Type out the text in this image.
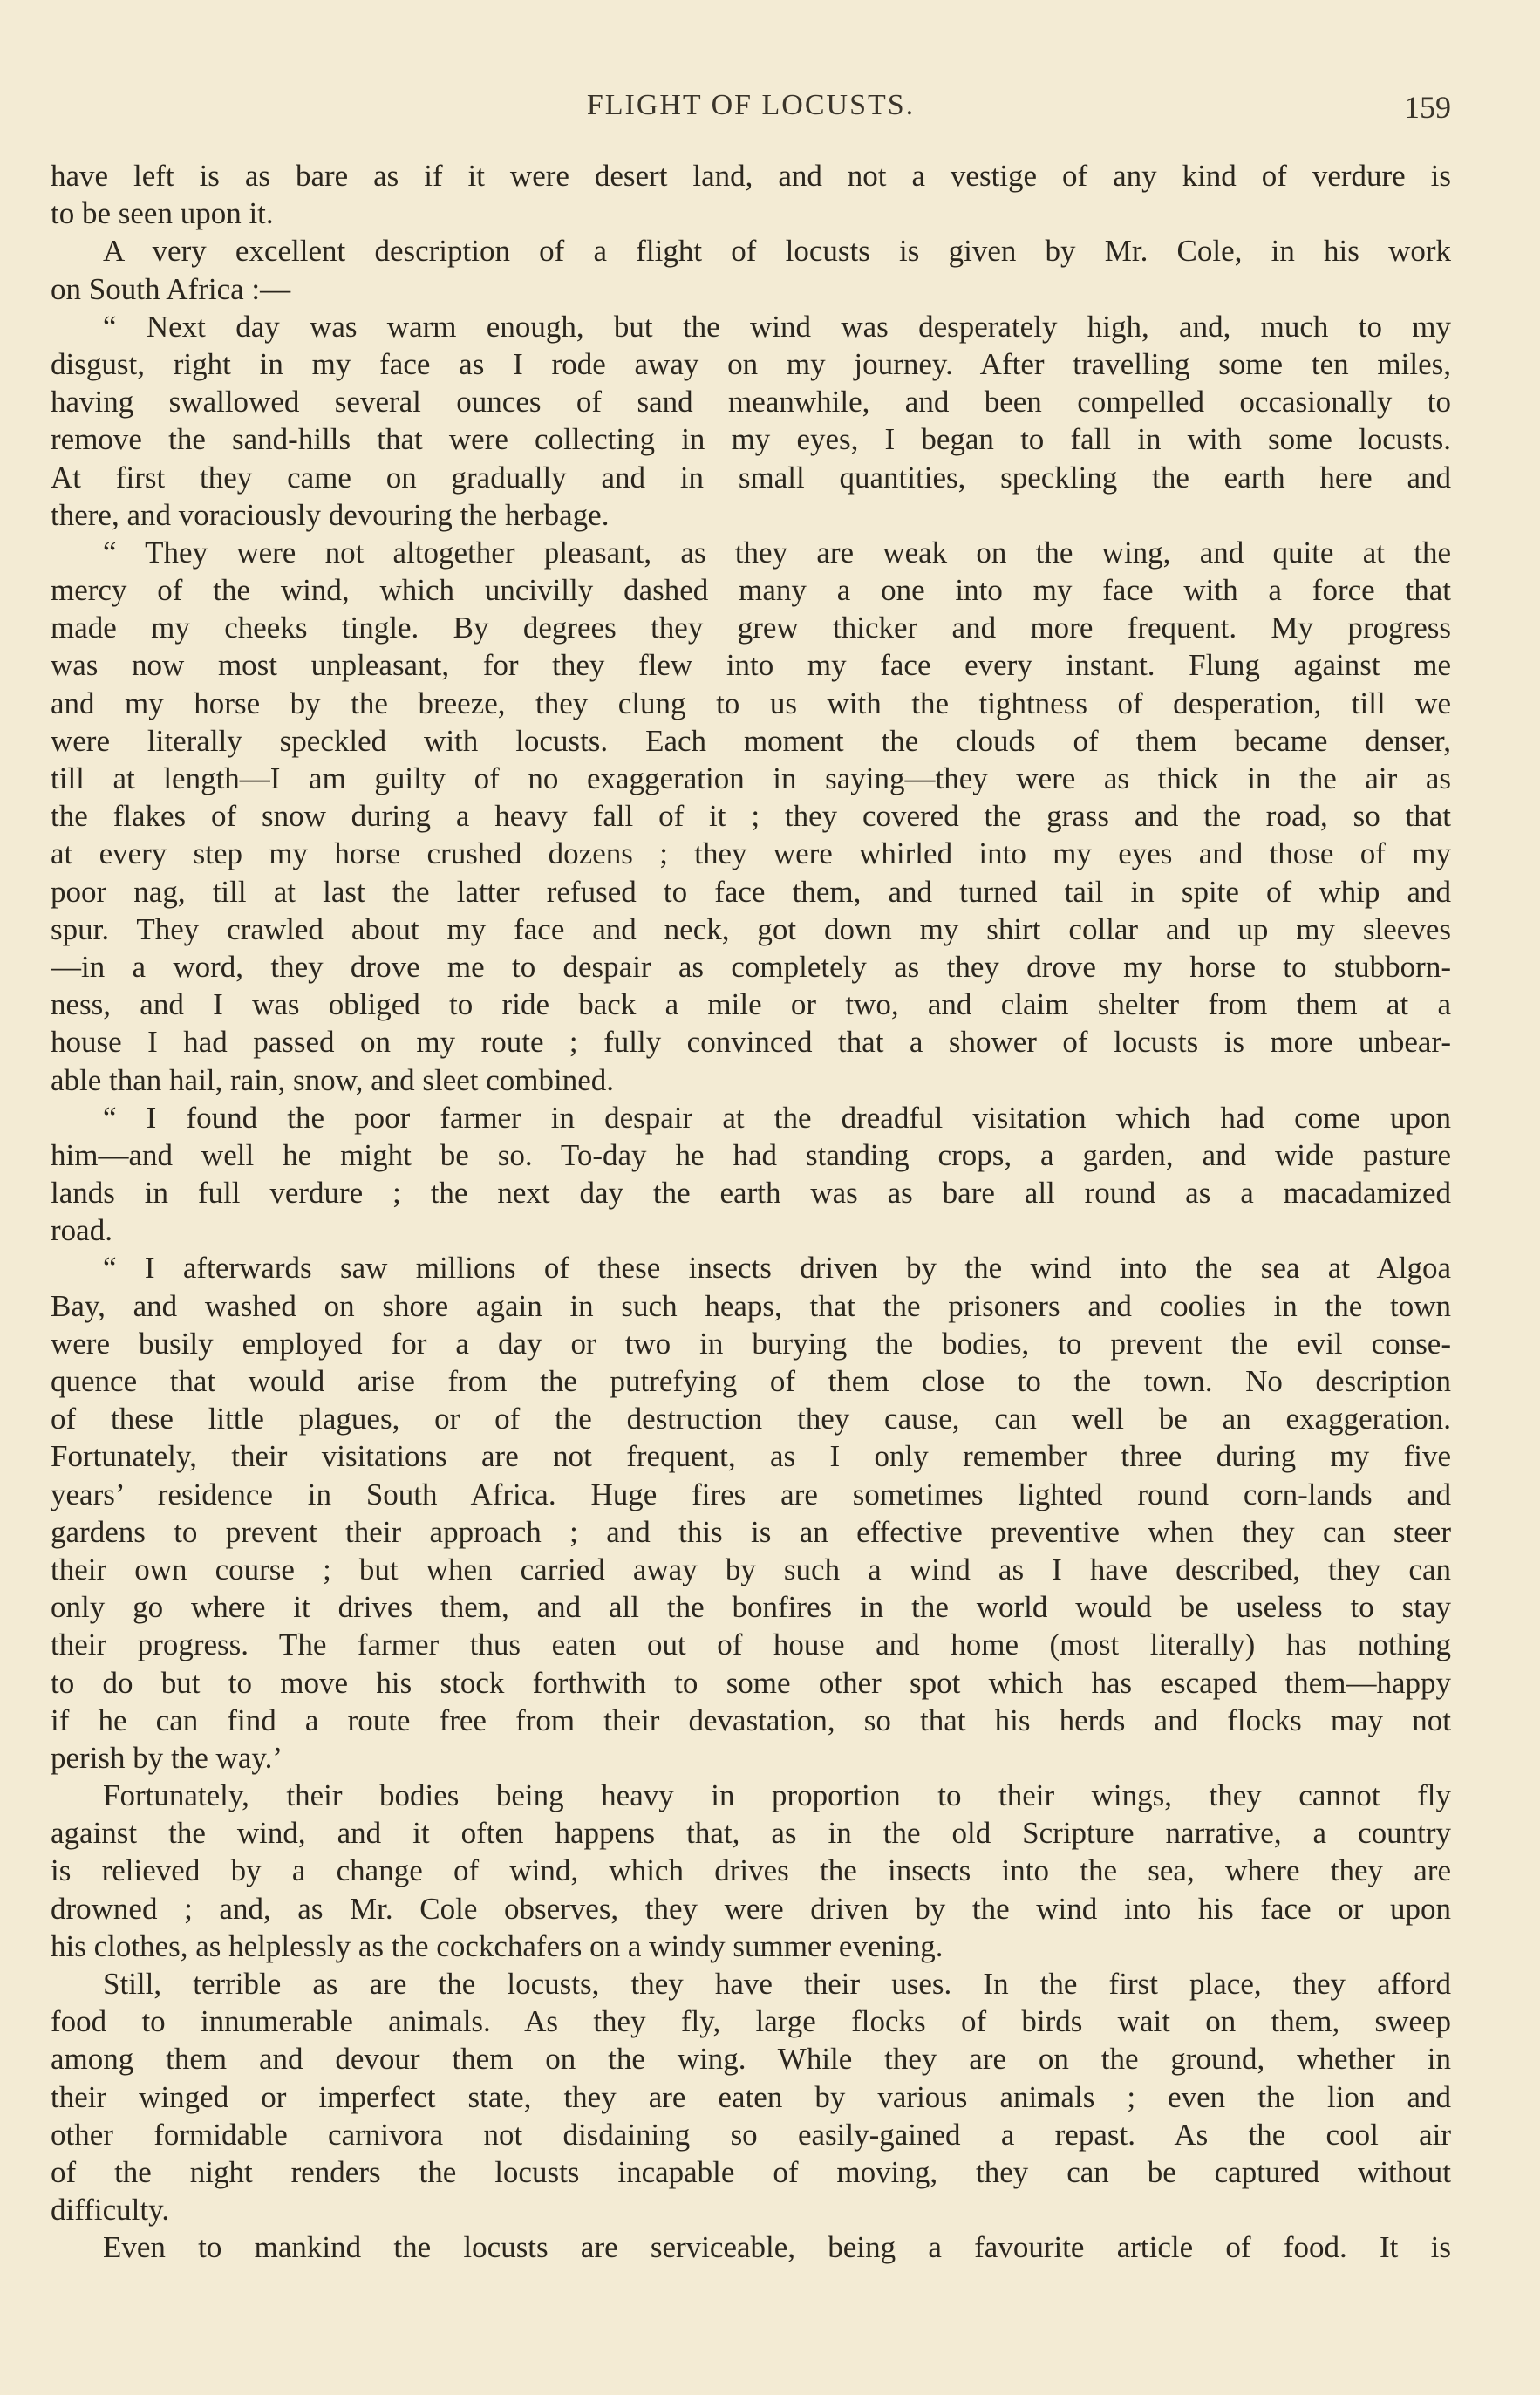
FLIGHT OF LOCUSTS.	159
have left is as bare as if it were desert land, and not a vestige of any kind of verdure is
to be seen upon it.
A very excellent description of a flight of locusts is given by Mr. Cole, in his work
on South Africa :—
“ Next day was warm enough, but the wind was desperately high, and, much to my
disgust, right in my face as I rode away on my journey. After travelling some ten miles,
having swallowed several ounces of sand meanwhile, and been compelled occasionally to
remove the sand-hills that were collecting in my eyes, I began to fall in with some locusts.
At first they came on gradually and in small quantities, speckling the earth here and
there, and voraciously devouring the herbage.
“ They were not altogether pleasant, as they are weak on the wing, and quite at the
mercy of the wind, which uncivilly dashed many a one into my face with a force that
made my cheeks tingle. By degrees they grew thicker and more frequent. My progress
was now most unpleasant, for they flew into my face every instant. Flung against me
and my horse by the breeze, they clung to us with the tightness of desperation, till we
were literally speckled with locusts. Each moment the clouds of them became denser,
till at length—I am guilty of no exaggeration in saying—they were as thick in the air as
the flakes of snow during a heavy fall of it ; they covered the grass and the road, so that
at every step my horse crushed dozens ; they were whirled into my eyes and those of my
poor nag, till at last the latter refused to face them, and turned tail in spite of whip and
spur. They crawled about my face and neck, got down my shirt collar and up my sleeves
—in a word, they drove me to despair as completely as they drove my horse to stubborn-
ness, and I was obliged to ride back a mile or two, and claim shelter from them at a
house I had passed on my route ; fully convinced that a shower of locusts is more unbear-
able than hail, rain, snow, and sleet combined.
“ I found the poor farmer in despair at the dreadful visitation which had come upon
him—and well he might be so. To-day he had standing crops, a garden, and wide pasture
lands in full verdure ; the next day the earth was as bare all round as a macadamized
road.
“ I afterwards saw millions of these insects driven by the wind into the sea at Algoa
Bay, and washed on shore again in such heaps, that the prisoners and coolies in the town
were busily employed for a day or two in burying the bodies, to prevent the evil conse-
quence that would arise from the putrefying of them close to the town. No description
of these little plagues, or of the destruction they cause, can well be an exaggeration.
Fortunately, their visitations are not frequent, as I only remember three during my five
years’ residence in South Africa. Huge fires are sometimes lighted round corn-lands and
gardens to prevent their approach ; and this is an effective preventive when they can steer
their own course ; but when carried away by such a wind as I have described, they can
only go where it drives them, and all the bonfires in the world would be useless to stay
their progress. The farmer thus eaten out of house and home (most literally) has nothing
to do but to move his stock forthwith to some other spot which has escaped them—happy
if he can find a route free from their devastation, so that his herds and flocks may not
perish by the way.’
Fortunately, their bodies being heavy in proportion to their wings, they cannot fly
against the wind, and it often happens that, as in the old Scripture narrative, a country
is relieved by a change of wind, which drives the insects into the sea, where they are
drowned ; and, as Mr. Cole observes, they were driven by the wind into his face or upon
his clothes, as helplessly as the cockchafers on a windy summer evening.
Still, terrible as are the locusts, they have their uses. In the first place, they afford
food to innumerable animals. As they fly, large flocks of birds wait on them, sweep
among them and devour them on the wing. While they are on the ground, whether in
their winged or imperfect state, they are eaten by various animals ; even the lion and
other formidable carnivora not disdaining so easily-gained a repast. As the cool air
of the night renders the locusts incapable of moving, they can be captured without
difficulty.
Even to mankind the locusts are serviceable, being a favourite article of food. It is
